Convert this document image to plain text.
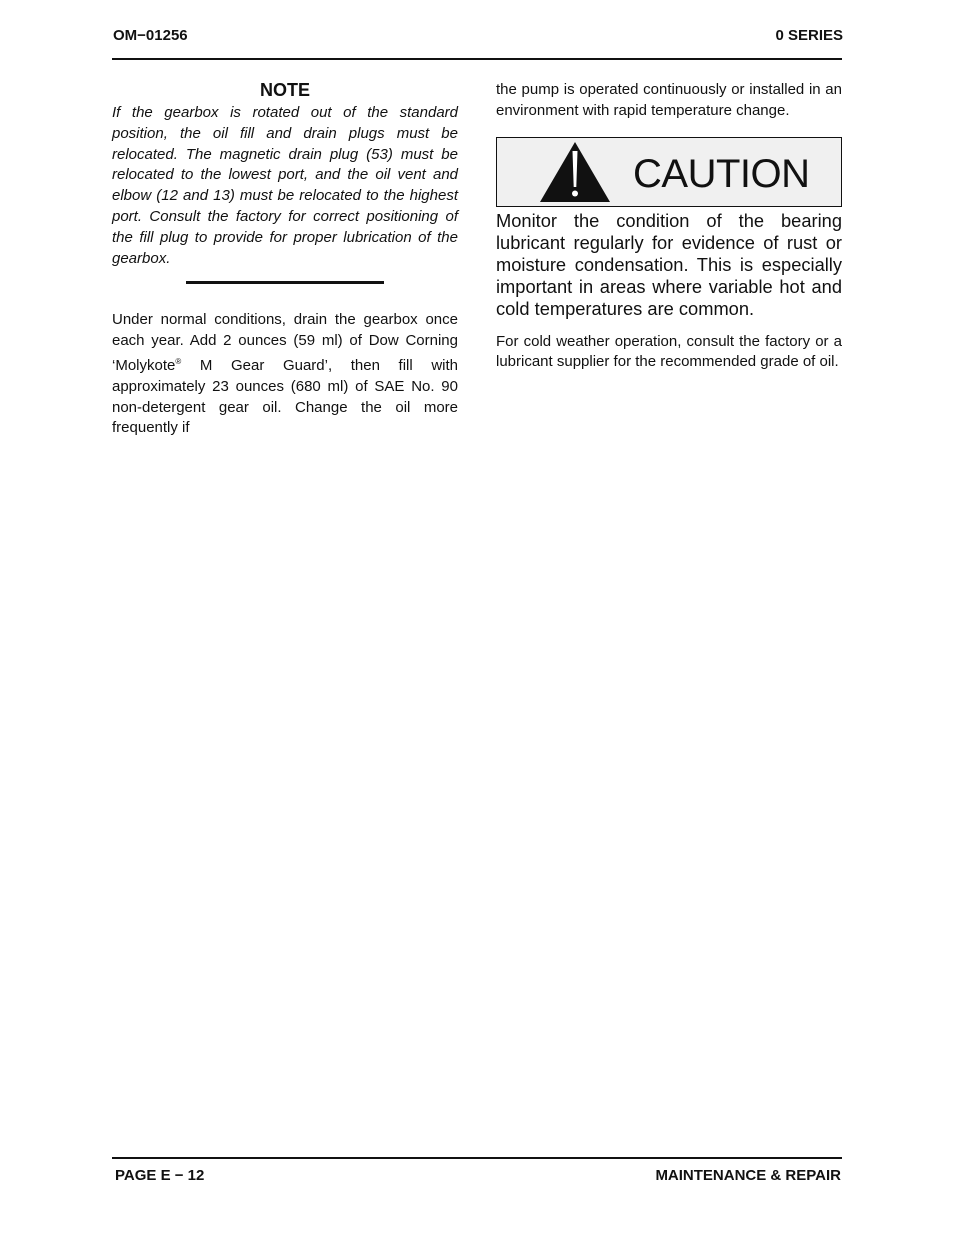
OM−01256	0 SERIES
NOTE

If the gearbox is rotated out of the standard position, the oil fill and drain plugs must be relocated. The magnetic drain plug (53) must be relocated to the lowest port, and the oil vent and elbow (12 and 13) must be relocated to the highest port. Consult the factory for correct positioning of the fill plug to provide for proper lubrication of the gearbox.

Under normal conditions, drain the gearbox once each year. Add 2 ounces (59 ml) of Dow Corning ‘Molykote® M Gear Guard’, then fill with approximately 23 ounces (680 ml) of SAE No. 90 non-detergent gear oil. Change the oil more frequently if

the pump is operated continuously or installed in an environment with rapid temperature change.

CAUTION

Monitor the condition of the bearing lubricant regularly for evidence of rust or moisture condensation. This is especially important in areas where variable hot and cold temperatures are common.

For cold weather operation, consult the factory or a lubricant supplier for the recommended grade of oil.

PAGE E − 12	MAINTENANCE & REPAIR
